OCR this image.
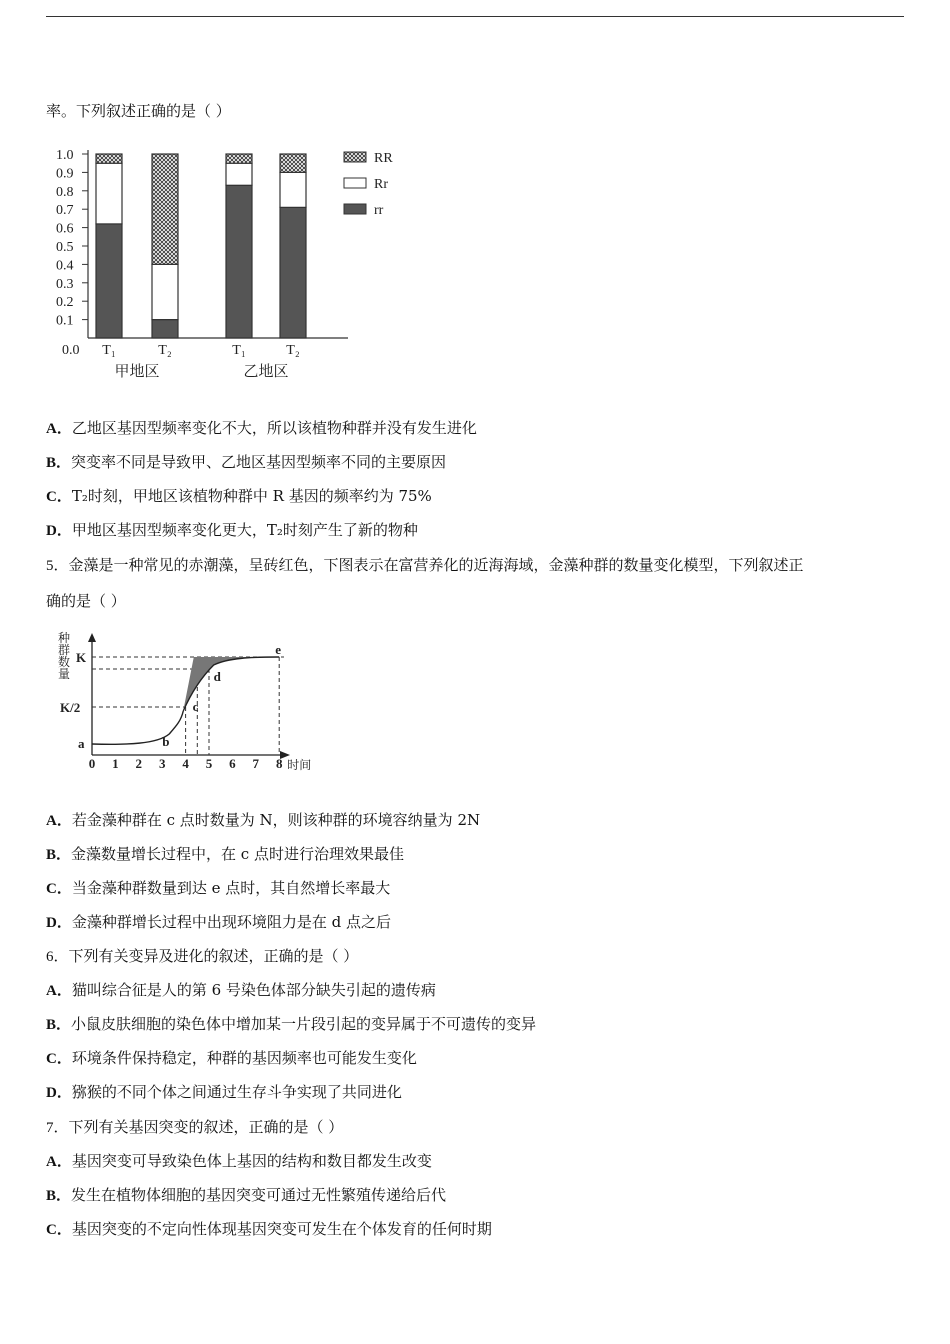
率。下列叙述正确的是（ ）
0.0
0.1
0.2
0.3
0.4
0.5
0.6
0.7
0.8
0.9
1.0
T₁	T₂	T₁	T₂
甲地区	乙地区
RR
Rr
rr
A．乙地区基因型频率变化不大，所以该植物种群并没有发生进化
B．突变率不同是导致甲、乙地区基因型频率不同的主要原因
C．T₂时刻，甲地区该植物种群中 R 基因的频率约为 75%
D．甲地区基因型频率变化更大，T₂时刻产生了新的物种
5．金藻是一种常见的赤潮藻，呈砖红色，下图表示在富营养化的近海海域，金藻种群的数量变化模型，下列叙述正
确的是（ ）
种
群
数
量
K
K/2
0 1 2 3 4 5 6 7 8 时间
a	b
c
d
e
A．若金藻种群在 c 点时数量为 N，则该种群的环境容纳量为 2N
B．金藻数量增长过程中，在 c 点时进行治理效果最佳
C．当金藻种群数量到达 e 点时，其自然增长率最大
D．金藻种群增长过程中出现环境阻力是在 d 点之后
6．下列有关变异及进化的叙述，正确的是（ ）
A．猫叫综合征是人的第 6 号染色体部分缺失引起的遗传病
B．小鼠皮肤细胞的染色体中增加某一片段引起的变异属于不可遗传的变异
C．环境条件保持稳定，种群的基因频率也可能发生变化
D．猕猴的不同个体之间通过生存斗争实现了共同进化
7．下列有关基因突变的叙述，正确的是（ ）
A．基因突变可导致染色体上基因的结构和数目都发生改变
B．发生在植物体细胞的基因突变可通过无性繁殖传递给后代
C．基因突变的不定向性体现基因突变可发生在个体发育的任何时期
